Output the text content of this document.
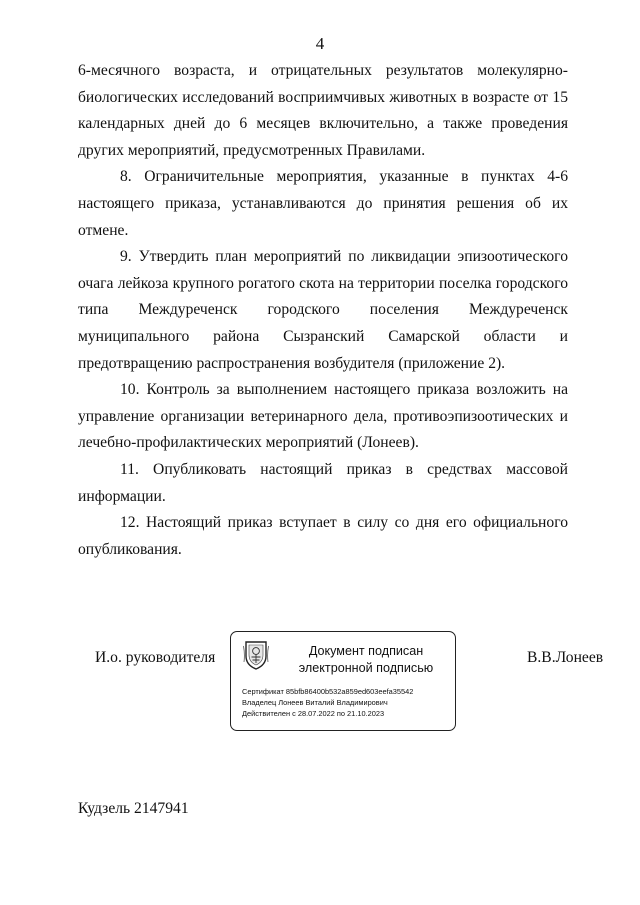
4

6-месячного возраста, и отрицательных результатов молекулярно-биологических исследований восприимчивых животных в возрасте от 15 календарных дней до 6 месяцев включительно, а также проведения других мероприятий, предусмотренных Правилами.

8. Ограничительные мероприятия, указанные в пунктах 4-6 настоящего приказа, устанавливаются до принятия решения об их отмене.

9. Утвердить план мероприятий по ликвидации эпизоотического очага лейкоза крупного рогатого скота на территории поселка городского типа Междуреченск городского поселения Междуреченск муниципального района Сызранский Самарской области и предотвращению распространения возбудителя (приложение 2).

10. Контроль за выполнением настоящего приказа возложить на управление организации ветеринарного дела, противоэпизоотических и лечебно-профилактических мероприятий (Лонеев).

11. Опубликовать настоящий приказ в средствах массовой информации.

12. Настоящий приказ вступает в силу со дня его официального опубликования.

И.о. руководителя	Документ подписан
электронной подписью
Сертификат 85bfb86400b532a859ed603eefa35542
Владелец Лонеев Виталий Владимирович
Действителен с 28.07.2022 по 21.10.2023
В.В.Лонеев
Кудзель 2147941
